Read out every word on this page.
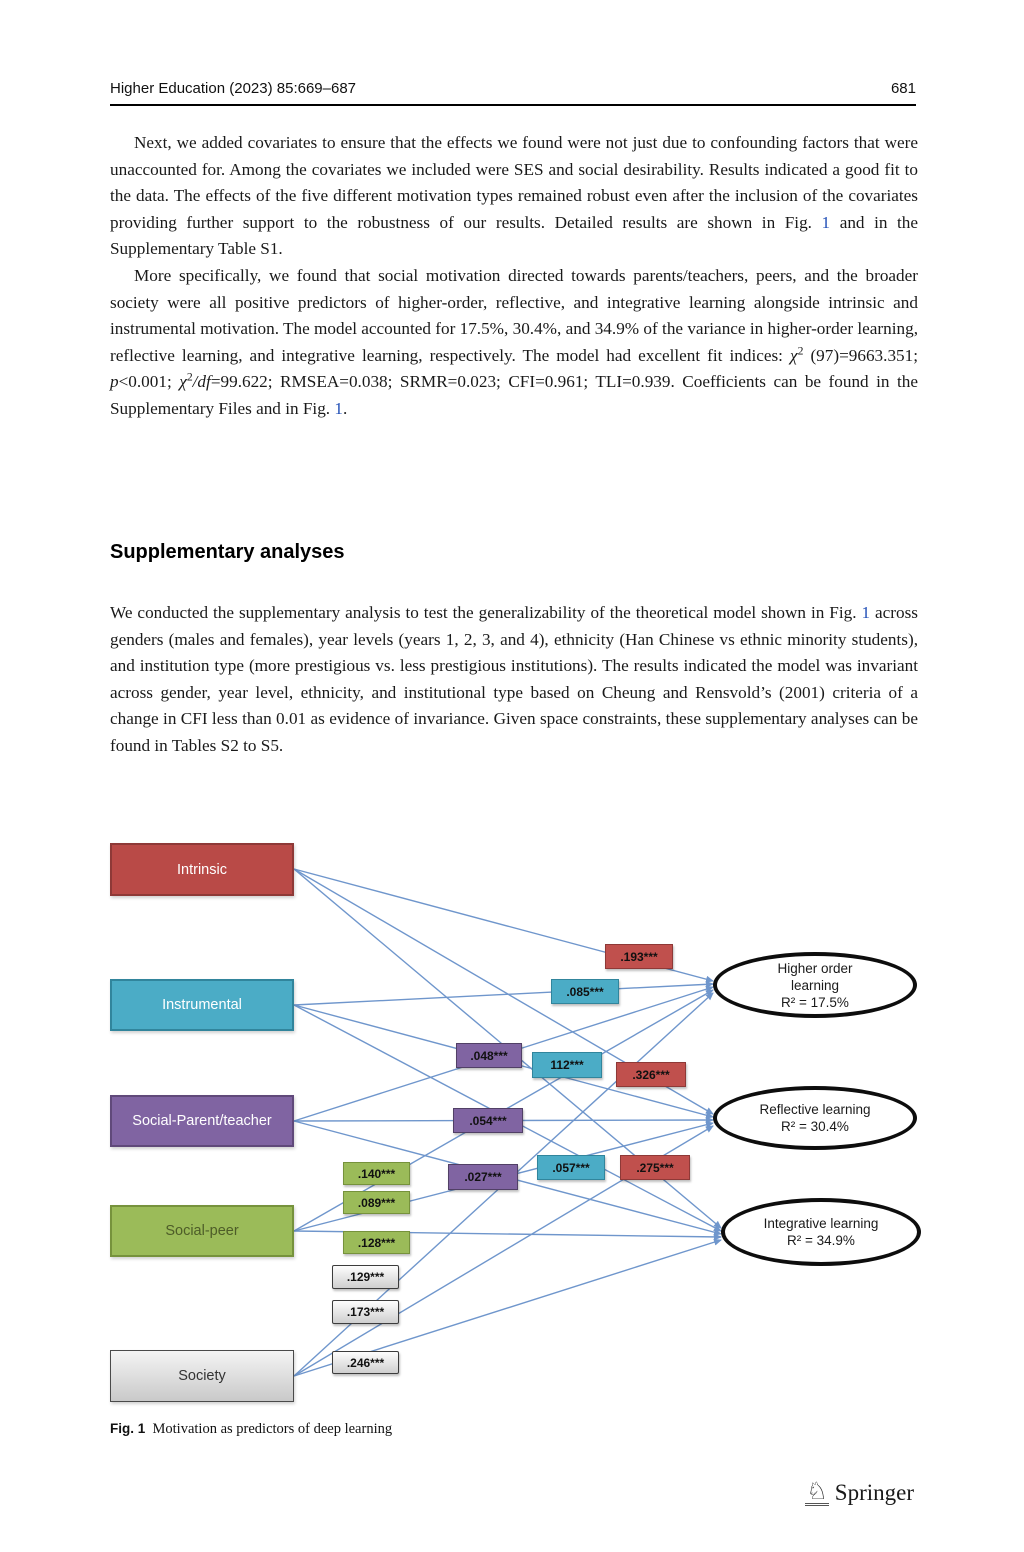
Higher Education (2023) 85:669–687	681

Next, we added covariates to ensure that the effects we found were not just due to confounding factors that were unaccounted for. Among the covariates we included were SES and social desirability. Results indicated a good fit to the data. The effects of the five different motivation types remained robust even after the inclusion of the covariates providing further support to the robustness of our results. Detailed results are shown in Fig. 1 and in the Supplementary Table S1.

More specifically, we found that social motivation directed towards parents/teachers, peers, and the broader society were all positive predictors of higher-order, reflective, and integrative learning alongside intrinsic and instrumental motivation. The model accounted for 17.5%, 30.4%, and 34.9% of the variance in higher-order learning, reflective learning, and integrative learning, respectively. The model had excellent fit indices: $\chi^2$ (97)=9663.351; p<0.001; $\chi^2/df=99.622$; RMSEA=0.038; SRMR=0.023; CFI=0.961; TLI=0.939. Coefficients can be found in the Supplementary Files and in Fig. 1.

Supplementary analyses

We conducted the supplementary analysis to test the generalizability of the theoretical model shown in Fig. 1 across genders (males and females), year levels (years 1, 2, 3, and 4), ethnicity (Han Chinese vs ethnic minority students), and institution type (more prestigious vs. less prestigious institutions). The results indicated the model was invariant across gender, year level, ethnicity, and institutional type based on Cheung and Rensvold’s (2001) criteria of a change in CFI less than 0.01 as evidence of invariance. Given space constraints, these supplementary analyses can be found in Tables S2 to S5.

.193***
.085***
.048***
112***
.326***
.054***
.057***	.275***
.027***
.140***
.089***
.128***
.129***
.173***
.246***
Intrinsic
Instrumental
Social-Parent/teacher
Social-peer
Society
Higher order
learning
R² = 17.5%
Reflective learning
R² = 30.4%
Integrative learning
R² = 34.9%
Fig. 1 Motivation as predictors of deep learning
♘ Springer
